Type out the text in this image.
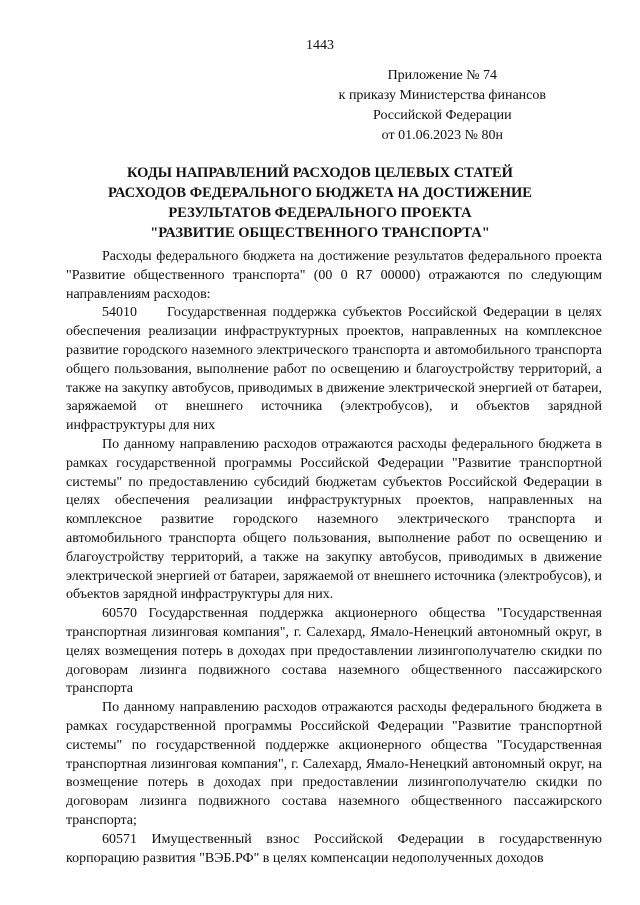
1443
Приложение № 74
к приказу Министерства финансов
Российской Федерации
от 01.06.2023 № 80н
КОДЫ НАПРАВЛЕНИЙ РАСХОДОВ ЦЕЛЕВЫХ СТАТЕЙ
РАСХОДОВ ФЕДЕРАЛЬНОГО БЮДЖЕТА НА ДОСТИЖЕНИЕ
РЕЗУЛЬТАТОВ ФЕДЕРАЛЬНОГО ПРОЕКТА
"РАЗВИТИЕ ОБЩЕСТВЕННОГО ТРАНСПОРТА"

Расходы федерального бюджета на достижение результатов федерального проекта "Развитие общественного транспорта" (00 0 R7 00000) отражаются по следующим направлениям расходов:

54010 Государственная поддержка субъектов Российской Федерации в целях обеспечения реализации инфраструктурных проектов, направленных на комплексное развитие городского наземного электрического транспорта и автомобильного транспорта общего пользования, выполнение работ по освещению и благоустройству территорий, а также на закупку автобусов, приводимых в движение электрической энергией от батареи, заряжаемой от внешнего источника (электробусов), и объектов зарядной инфраструктуры для них

По данному направлению расходов отражаются расходы федерального бюджета в рамках государственной программы Российской Федерации "Развитие транспортной системы" по предоставлению субсидий бюджетам субъектов Российской Федерации в целях обеспечения реализации инфраструктурных проектов, направленных на комплексное развитие городского наземного электрического транспорта и автомобильного транспорта общего пользования, выполнение работ по освещению и благоустройству территорий, а также на закупку автобусов, приводимых в движение электрической энергией от батареи, заряжаемой от внешнего источника (электробусов), и объектов зарядной инфраструктуры для них.

60570 Государственная поддержка акционерного общества "Государственная транспортная лизинговая компания", г. Салехард, Ямало-Ненецкий автономный округ, в целях возмещения потерь в доходах при предоставлении лизингополучателю скидки по договорам лизинга подвижного состава наземного общественного пассажирского транспорта

По данному направлению расходов отражаются расходы федерального бюджета в рамках государственной программы Российской Федерации "Развитие транспортной системы" по государственной поддержке акционерного общества "Государственная транспортная лизинговая компания", г. Салехард, Ямало-Ненецкий автономный округ, на возмещение потерь в доходах при предоставлении лизингополучателю скидки по договорам лизинга подвижного состава наземного общественного пассажирского транспорта;

60571 Имущественный взнос Российской Федерации в государственную корпорацию развития "ВЭБ.РФ" в целях компенсации недополученных доходов
